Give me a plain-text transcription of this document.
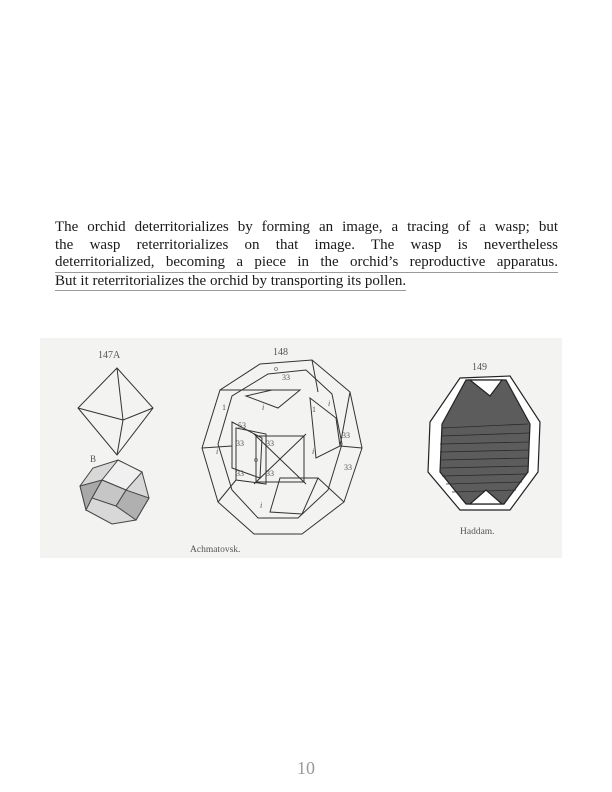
The orchid deterritorializes by forming an image, a tracing of a wasp; but
the wasp reterritorializes on that image. The wasp is nevertheless
deterritorialized, becoming a piece in the orchid’s reproductive apparatus.
But it reterritorializes the orchid by transporting its pollen.
147A
B
148
o
33
i	i
i	i
i
o
33	33
33	33
33
33
53
1	1
Achmatovsk.
149
Haddam.
10
